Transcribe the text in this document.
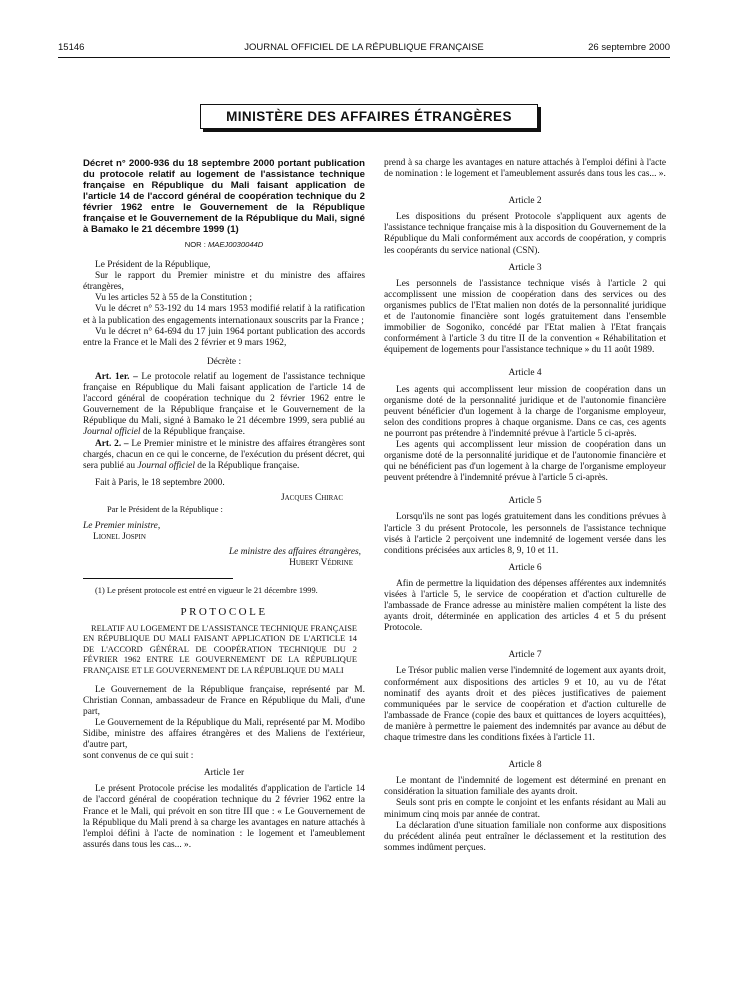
15146	JOURNAL OFFICIEL DE LA RÉPUBLIQUE FRANÇAISE	26 septembre 2000
MINISTÈRE DES AFFAIRES ÉTRANGÈRES

Décret n° 2000-936 du 18 septembre 2000 portant publication du protocole relatif au logement de l'assistance technique française en République du Mali faisant application de l'article 14 de l'accord général de coopération technique du 2 février 1962 entre le Gouvernement de la République française et le Gouvernement de la République du Mali, signé à Bamako le 21 décembre 1999 (1)

NOR : MAEJ0030044D

Le Président de la République,

Sur le rapport du Premier ministre et du ministre des affaires étrangères,

Vu les articles 52 à 55 de la Constitution ;

Vu le décret n° 53-192 du 14 mars 1953 modifié relatif à la ratification et à la publication des engagements internationaux souscrits par la France ;

Vu le décret n° 64-694 du 17 juin 1964 portant publication des accords entre la France et le Mali des 2 février et 9 mars 1962,

Décrète :

Art. 1er. – Le protocole relatif au logement de l'assistance technique française en République du Mali faisant application de l'article 14 de l'accord général de coopération technique du 2 février 1962 entre le Gouvernement de la République française et le Gouvernement de la République du Mali, signé à Bamako le 21 décembre 1999, sera publié au Journal officiel de la République française.

Art. 2. – Le Premier ministre et le ministre des affaires étrangères sont chargés, chacun en ce qui le concerne, de l'exécution du présent décret, qui sera publié au Journal officiel de la République française.

Fait à Paris, le 18 septembre 2000.

Jacques Chirac

Par le Président de la République :

Le Premier ministre,

Lionel Jospin

Le ministre des affaires étrangères,

Hubert Védrine

(1) Le présent protocole est entré en vigueur le 21 décembre 1999.

PROTOCOLE

RELATIF AU LOGEMENT DE L'ASSISTANCE TECHNIQUE FRANÇAISE EN RÉPUBLIQUE DU MALI FAISANT APPLICATION DE L'ARTICLE 14 DE L'ACCORD GÉNÉRAL DE COOPÉRATION TECHNIQUE DU 2 FÉVRIER 1962 ENTRE LE GOUVERNEMENT DE LA RÉPUBLIQUE FRANÇAISE ET LE GOUVERNEMENT DE LA RÉPUBLIQUE DU MALI

Le Gouvernement de la République française, représenté par M. Christian Connan, ambassadeur de France en République du Mali, d'une part,

Le Gouvernement de la République du Mali, représenté par M. Modibo Sidibe, ministre des affaires étrangères et des Maliens de l'extérieur, d'autre part,

sont convenus de ce qui suit :

Article 1er

Le présent Protocole précise les modalités d'application de l'article 14 de l'accord général de coopération technique du 2 février 1962 entre la France et le Mali, qui prévoit en son titre III que : « Le Gouvernement de la République du Mali prend à sa charge les avantages en nature attachés à l'emploi défini à l'acte de nomination : le logement et l'ameublement assurés dans tous les cas... ».

prend à sa charge les avantages en nature attachés à l'emploi défini à l'acte de nomination : le logement et l'ameublement assurés dans tous les cas... ».

Article 2

Les dispositions du présent Protocole s'appliquent aux agents de l'assistance technique française mis à la disposition du Gouvernement de la République du Mali conformément aux accords de coopération, y compris les coopérants du service national (CSN).

Article 3

Les personnels de l'assistance technique visés à l'article 2 qui accomplissent une mission de coopération dans des services ou des organismes publics de l'Etat malien non dotés de la personnalité juridique et de l'autonomie financière sont logés gratuitement dans l'ensemble immobilier de Sogoniko, concédé par l'Etat malien à l'Etat français conformément à l'article 3 du titre II de la convention « Réhabilitation et équipement de logements pour l'assistance technique » du 11 août 1989.

Article 4

Les agents qui accomplissent leur mission de coopération dans un organisme doté de la personnalité juridique et de l'autonomie financière peuvent bénéficier d'un logement à la charge de l'organisme employeur, selon des conditions propres à chaque organisme. Dans ce cas, ces agents ne pourront pas prétendre à l'indemnité prévue à l'article 5 ci-après.

Les agents qui accomplissent leur mission de coopération dans un organisme doté de la personnalité juridique et de l'autonomie financière et qui ne bénéficient pas d'un logement à la charge de l'organisme employeur peuvent prétendre à l'indemnité prévue à l'article 5 ci-après.

Article 5

Lorsqu'ils ne sont pas logés gratuitement dans les conditions prévues à l'article 3 du présent Protocole, les personnels de l'assistance technique visés à l'article 2 perçoivent une indemnité de logement versée dans les conditions précisées aux articles 8, 9, 10 et 11.

Article 6

Afin de permettre la liquidation des dépenses afférentes aux indemnités visées à l'article 5, le service de coopération et d'action culturelle de l'ambassade de France adresse au ministère malien compétent la liste des ayants droit, déterminée en application des articles 4 et 5 du présent Protocole.

Article 7

Le Trésor public malien verse l'indemnité de logement aux ayants droit, conformément aux dispositions des articles 9 et 10, au vu de l'état nominatif des ayants droit et des pièces justificatives de paiement communiquées par le service de coopération et d'action culturelle de l'ambassade de France (copie des baux et quittances de loyers acquittées), de manière à permettre le paiement des indemnités par avance au début de chaque trimestre dans les conditions fixées à l'article 11.

Article 8

Le montant de l'indemnité de logement est déterminé en prenant en considération la situation familiale des ayants droit.

Seuls sont pris en compte le conjoint et les enfants résidant au Mali au minimum cinq mois par année de contrat.

La déclaration d'une situation familiale non conforme aux dispositions du précédent alinéa peut entraîner le déclassement et la restitution des sommes indûment perçues.
